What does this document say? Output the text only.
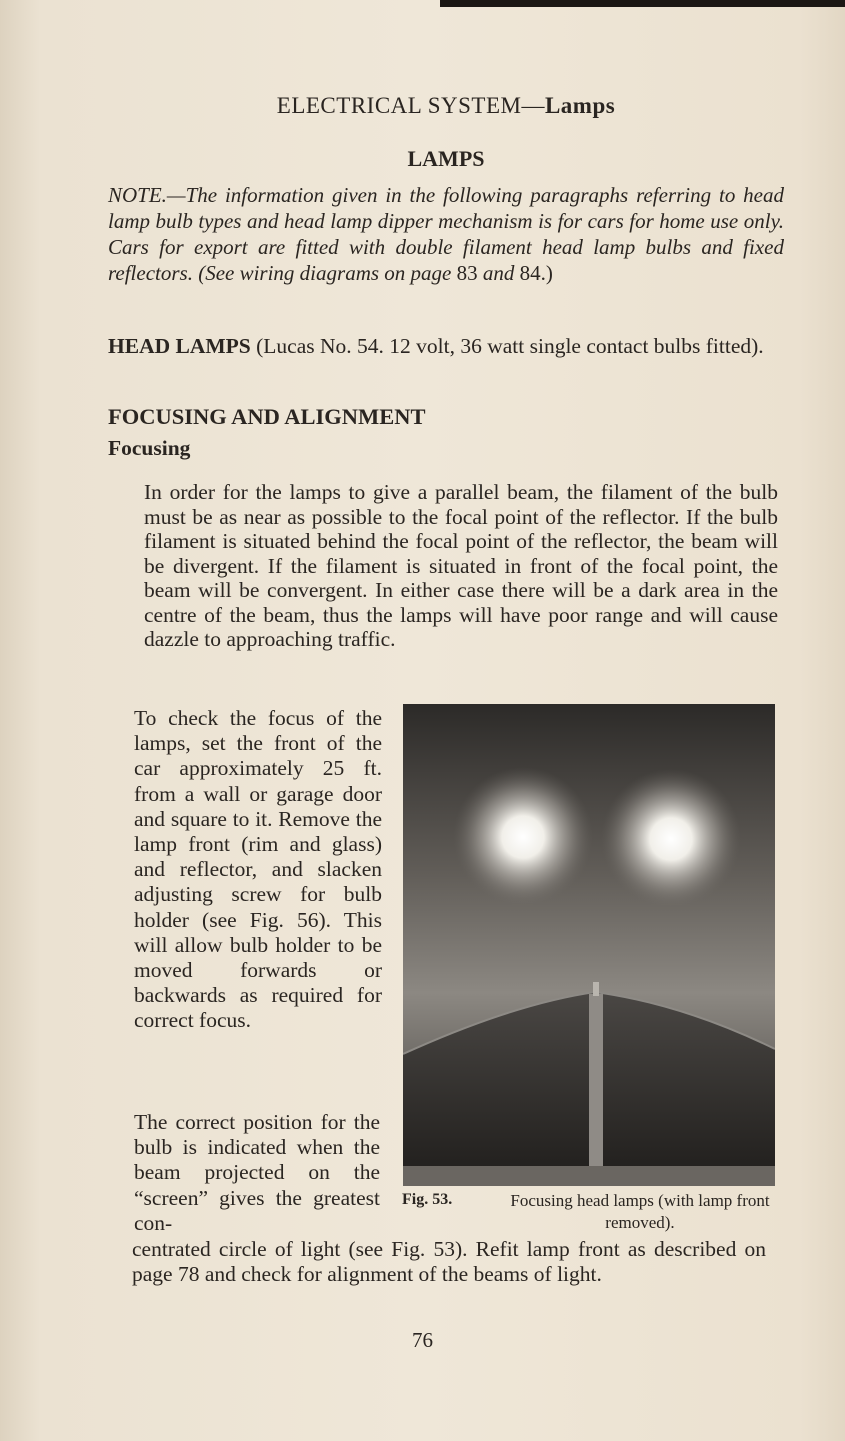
ELECTRICAL SYSTEM—Lamps
LAMPS
NOTE.—The information given in the following paragraphs referring to head lamp bulb types and head lamp dipper mechanism is for cars for home use only. Cars for export are fitted with double filament head lamp bulbs and fixed reflectors. (See wiring diagrams on page 83 and 84.)
HEAD LAMPS (Lucas No. 54. 12 volt, 36 watt single contact bulbs fitted).
FOCUSING AND ALIGNMENT
Focusing
In order for the lamps to give a parallel beam, the filament of the bulb must be as near as possible to the focal point of the reflector. If the bulb filament is situated behind the focal point of the reflector, the beam will be divergent. If the filament is situated in front of the focal point, the beam will be convergent. In either case there will be a dark area in the centre of the beam, thus the lamps will have poor range and will cause dazzle to approaching traffic.
To check the focus of the lamps, set the front of the car approximately 25 ft. from a wall or garage door and square to it. Remove the lamp front (rim and glass) and reflector, and slacken adjusting screw for bulb holder (see Fig. 56). This will allow bulb holder to be moved forwards or backwards as required for correct focus.
The correct position for the bulb is indicated when the beam projected on the “screen” gives the greatest con-
centrated circle of light (see Fig. 53). Refit lamp front as described on page 78 and check for alignment of the beams of light.
Fig. 53.	Focusing head lamps (with lamp front removed).
76
